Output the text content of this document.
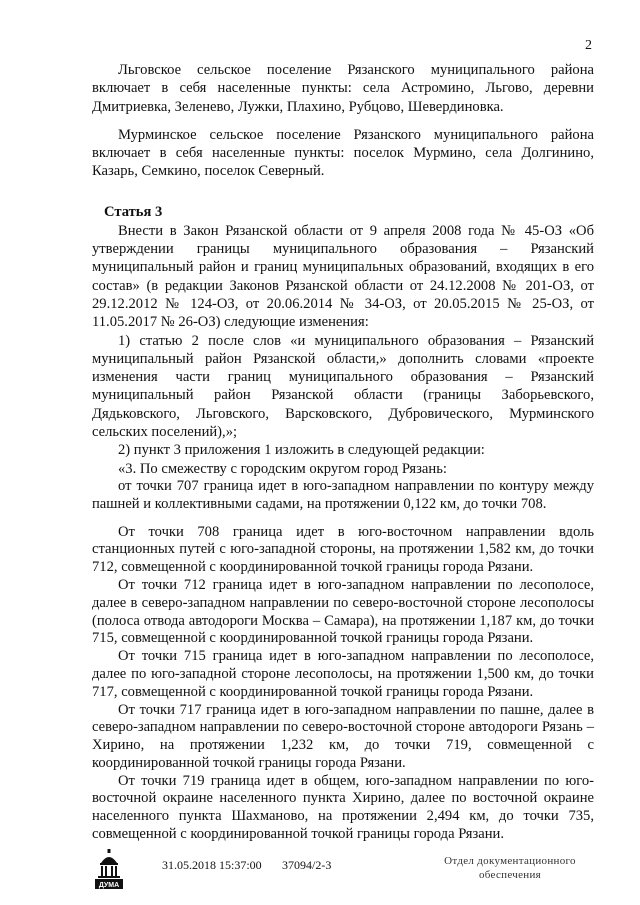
2

Льговское сельское поселение Рязанского муниципального района включает в себя населенные пункты: села Астромино, Льгово, деревни Дмитриевка, Зеленево, Лужки, Плахино, Рубцово, Шевердиновка.

Мурминское сельское поселение Рязанского муниципального района включает в себя населенные пункты: поселок Мурмино, села Долгинино, Казарь, Семкино, поселок Северный.

Статья 3

Внести в Закон Рязанской области от 9 апреля 2008 года № 45-ОЗ «Об утверждении границы муниципального образования – Рязанский муниципальный район и границ муниципальных образований, входящих в его состав» (в редакции Законов Рязанской области от 24.12.2008 № 201-ОЗ, от 29.12.2012 № 124-ОЗ, от 20.06.2014 № 34-ОЗ, от 20.05.2015 № 25-ОЗ, от 11.05.2017 № 26-ОЗ) следующие изменения:

1) статью 2 после слов «и муниципального образования – Рязанский муниципальный район Рязанской области,» дополнить словами «проекте изменения части границ муниципального образования – Рязанский муниципальный район Рязанской области (границы Заборьевского, Дядьковского, Льговского, Варсковского, Дубровического, Мурминского сельских поселений),»;

2) пункт 3 приложения 1 изложить в следующей редакции:

«3. По смежеству с городским округом город Рязань:

от точки 707 граница идет в юго-западном направлении по контуру между пашней и коллективными садами, на протяжении 0,122 км, до точки 708.

От точки 708 граница идет в юго-восточном направлении вдоль станционных путей с юго-западной стороны, на протяжении 1,582 км, до точки 712, совмещенной с координированной точкой границы города Рязани.

От точки 712 граница идет в юго-западном направлении по лесополосе, далее в северо-западном направлении по северо-восточной стороне лесополосы (полоса отвода автодороги Москва – Самара), на протяжении 1,187 км, до точки 715, совмещенной с координированной точкой границы города Рязани.

От точки 715 граница идет в юго-западном направлении по лесополосе, далее по юго-западной стороне лесополосы, на протяжении 1,500 км, до точки 717, совмещенной с координированной точкой границы города Рязани.

От точки 717 граница идет в юго-западном направлении по пашне, далее в северо-западном направлении по северо-восточной стороне автодороги Рязань – Хирино, на протяжении 1,232 км, до точки 719, совмещенной с координированной точкой границы города Рязани.

От точки 719 граница идет в общем, юго-западном направлении по юго-восточной окраине населенного пункта Хирино, далее по восточной окраине населенного пункта Шахманово, на протяжении 2,494 км, до точки 735, совмещенной с координированной точкой границы города Рязани.

ДУМА
31.05.2018 15:37:00 37094/2-3	Отдел документационного
обеспечения
